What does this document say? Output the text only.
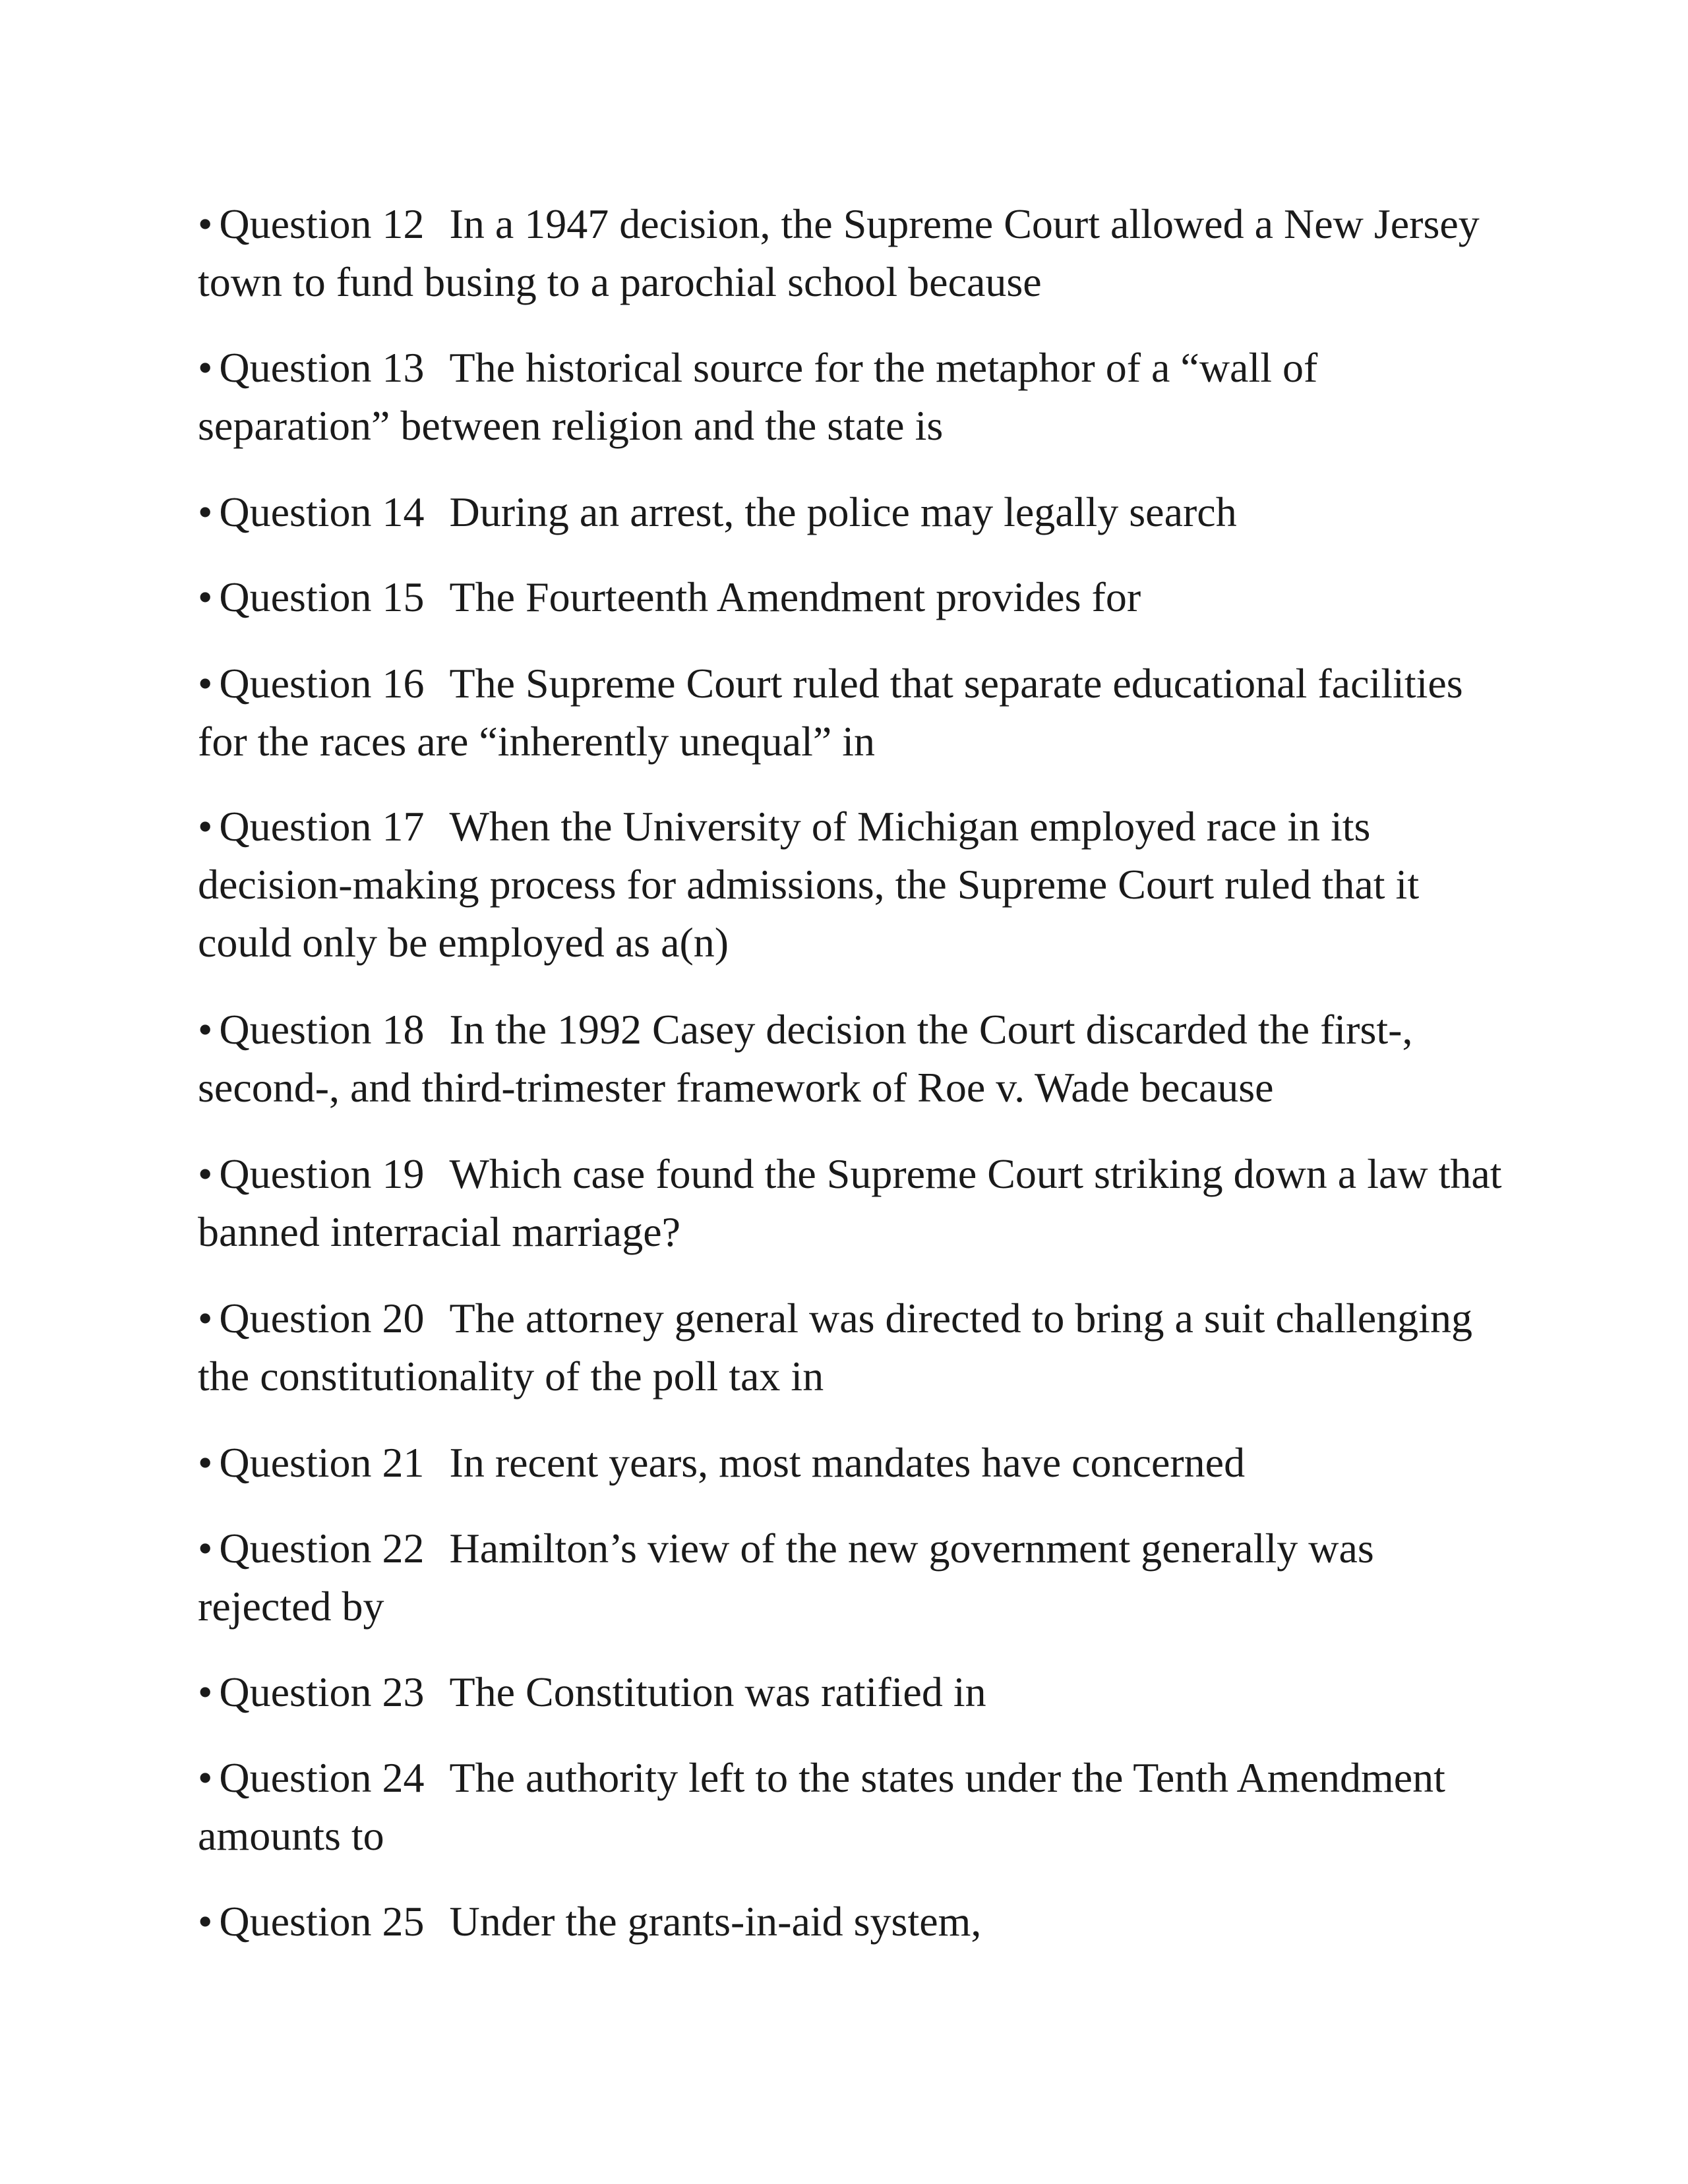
• Question 12 In a 1947 decision, the Supreme Court allowed a New Jersey town to fund busing to a parochial school because
• Question 13 The historical source for the metaphor of a “wall of separation” between religion and the state is
• Question 14 During an arrest, the police may legally search
• Question 15 The Fourteenth Amendment provides for
• Question 16 The Supreme Court ruled that separate educational facilities for the races are “inherently unequal” in
• Question 17 When the University of Michigan employed race in its decision-making process for admissions, the Supreme Court ruled that it could only be employed as a(n)
• Question 18 In the 1992 Casey decision the Court discarded the first-, second-, and third-trimester framework of Roe v. Wade because
• Question 19 Which case found the Supreme Court striking down a law that banned interracial marriage?
• Question 20 The attorney general was directed to bring a suit challenging the constitutionality of the poll tax in
• Question 21 In recent years, most mandates have concerned
• Question 22 Hamilton’s view of the new government generally was rejected by
• Question 23 The Constitution was ratified in
• Question 24 The authority left to the states under the Tenth Amendment amounts to
• Question 25 Under the grants-in-aid system,
